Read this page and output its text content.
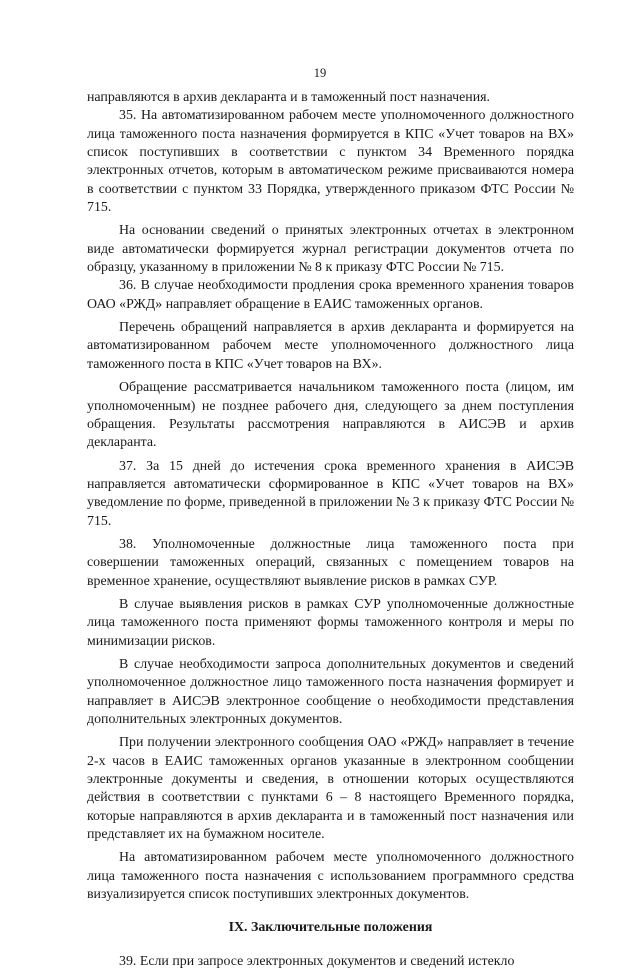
19

направляются в архив декларанта и в таможенный пост назначения.

35. На автоматизированном рабочем месте уполномоченного должностного лица таможенного поста назначения формируется в КПС «Учет товаров на ВХ» список поступивших в соответствии с пунктом 34 Временного порядка электронных отчетов, которым в автоматическом режиме присваиваются номера в соответствии с пунктом 33 Порядка, утвержденного приказом ФТС России № 715.

На основании сведений о принятых электронных отчетах в электронном виде автоматически формируется журнал регистрации документов отчета по образцу, указанному в приложении № 8 к приказу ФТС России № 715.

36. В случае необходимости продления срока временного хранения товаров ОАО «РЖД» направляет обращение в ЕАИС таможенных органов.

Перечень обращений направляется в архив декларанта и формируется на автоматизированном рабочем месте уполномоченного должностного лица таможенного поста в КПС «Учет товаров на ВХ».

Обращение рассматривается начальником таможенного поста (лицом, им уполномоченным) не позднее рабочего дня, следующего за днем поступления обращения. Результаты рассмотрения направляются в АИСЭВ и архив декларанта.

37. За 15 дней до истечения срока временного хранения в АИСЭВ направляется автоматически сформированное в КПС «Учет товаров на ВХ» уведомление по форме, приведенной в приложении № 3 к приказу ФТС России № 715.

38. Уполномоченные должностные лица таможенного поста при совершении таможенных операций, связанных с помещением товаров на временное хранение, осуществляют выявление рисков в рамках СУР.

В случае выявления рисков в рамках СУР уполномоченные должностные лица таможенного поста применяют формы таможенного контроля и меры по минимизации рисков.

В случае необходимости запроса дополнительных документов и сведений уполномоченное должностное лицо таможенного поста назначения формирует и направляет в АИСЭВ электронное сообщение о необходимости представления дополнительных электронных документов.

При получении электронного сообщения ОАО «РЖД» направляет в течение 2-х часов в ЕАИС таможенных органов указанные в электронном сообщении электронные документы и сведения, в отношении которых осуществляются действия в соответствии с пунктами 6 – 8 настоящего Временного порядка, которые направляются в архив декларанта и в таможенный пост назначения или представляет их на бумажном носителе.

На автоматизированном рабочем месте уполномоченного должностного лица таможенного поста назначения с использованием программного средства визуализируется список поступивших электронных документов.

IX. Заключительные положения

39. Если при запросе электронных документов и сведений истекло
